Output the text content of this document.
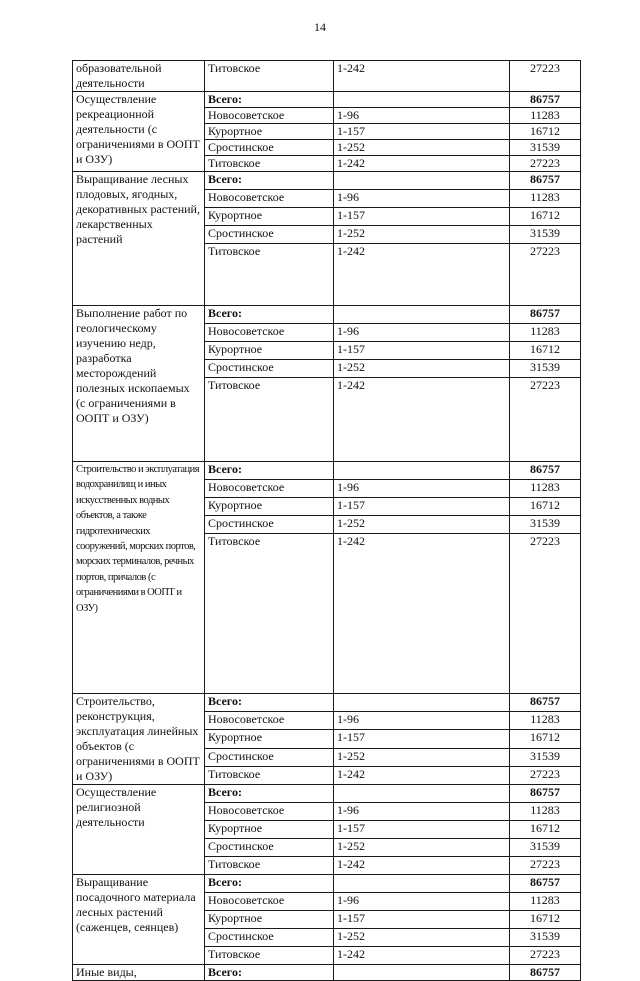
14
образовательной деятельности	Титовское	1-242	27223
Осуществление рекреационной деятельности (с ограничениями в ООПТ и ОЗУ)	Всего:		86757
	Новосоветское	1-96	11283
	Курортное	1-157	16712
	Сростинское	1-252	31539
	Титовское	1-242	27223
Выращивание лесных плодовых, ягодных, декоративных растений, лекарственных растений	Всего:		86757
	Новосоветское	1-96	11283
	Курортное	1-157	16712
	Сростинское	1-252	31539
	Титовское	1-242	27223
Выполнение работ по геологическому изучению недр, разработка месторождений полезных ископаемых (с ограничениями в ООПТ и ОЗУ)	Всего:		86757
	Новосоветское	1-96	11283
	Курортное	1-157	16712
	Сростинское	1-252	31539
	Титовское	1-242	27223
Строительство и эксплуатация водохранилищ и иных искусственных водных объектов, а также гидротехнических сооружений, морских портов, морских терминалов, речных портов, причалов (с ограничениями в ООПТ и ОЗУ)	Всего:		86757
	Новосоветское	1-96	11283
	Курортное	1-157	16712
	Сростинское	1-252	31539
	Титовское	1-242	27223
Строительство, реконструкция, эксплуатация линейных объектов (с ограничениями в ООПТ и ОЗУ)	Всего:		86757
	Новосоветское	1-96	11283
	Курортное	1-157	16712
	Сростинское	1-252	31539
	Титовское	1-242	27223
Осуществление религиозной деятельности	Всего:		86757
	Новосоветское	1-96	11283
	Курортное	1-157	16712
	Сростинское	1-252	31539
	Титовское	1-242	27223
Выращивание посадочного материала лесных растений (саженцев, сеянцев)	Всего:		86757
	Новосоветское	1-96	11283
	Курортное	1-157	16712
	Сростинское	1-252	31539
	Титовское	1-242	27223
Иные виды,	Всего:		86757
